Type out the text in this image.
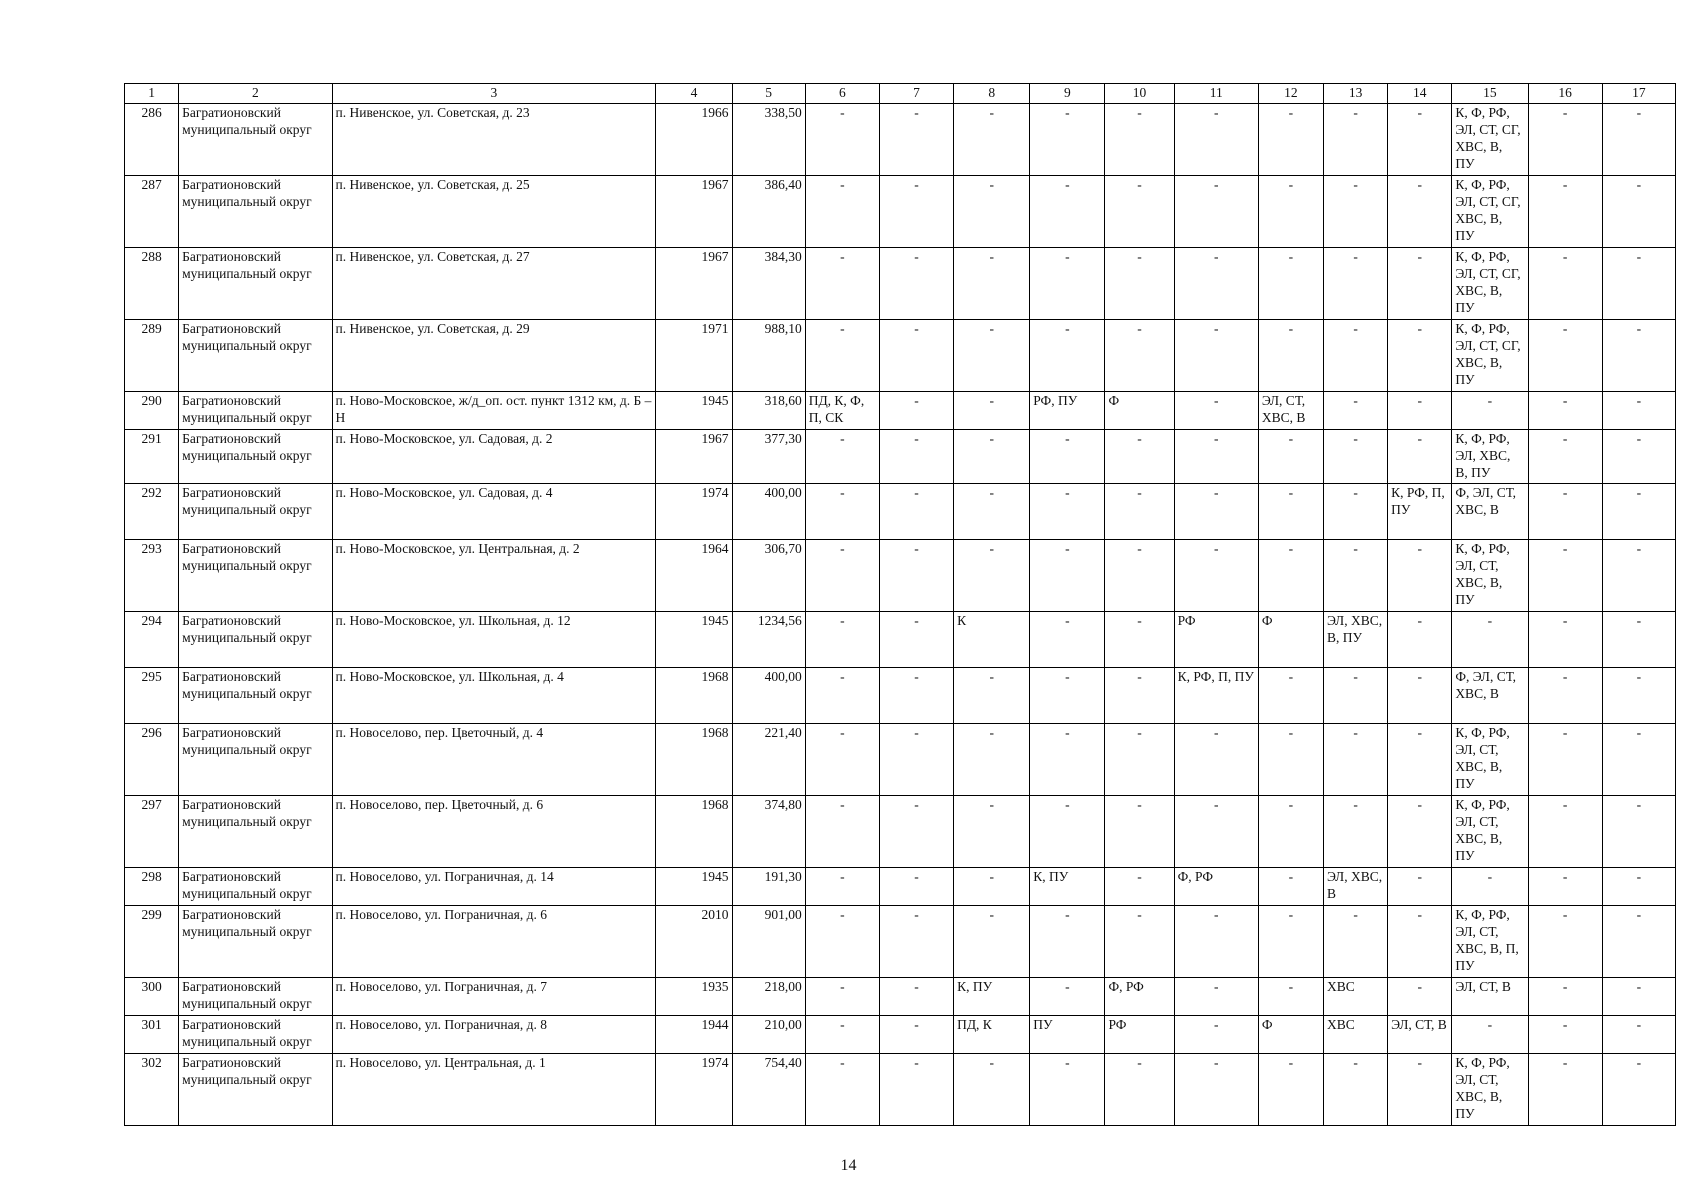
1	2	3	4	5	6	7	8	9	10	11	12	13	14	15	16	17
286	Багратионовский муниципальный округ	п. Нивенское, ул. Советская, д. 23	1966	338,50	-	-	-	-	-	-	-	-	-	К, Ф, РФ, ЭЛ, СТ, СГ, ХВС, В, ПУ	-	-
287	Багратионовский муниципальный округ	п. Нивенское, ул. Советская, д. 25	1967	386,40	-	-	-	-	-	-	-	-	-	К, Ф, РФ, ЭЛ, СТ, СГ, ХВС, В, ПУ	-	-
288	Багратионовский муниципальный округ	п. Нивенское, ул. Советская, д. 27	1967	384,30	-	-	-	-	-	-	-	-	-	К, Ф, РФ, ЭЛ, СТ, СГ, ХВС, В, ПУ	-	-
289	Багратионовский муниципальный округ	п. Нивенское, ул. Советская, д. 29	1971	988,10	-	-	-	-	-	-	-	-	-	К, Ф, РФ, ЭЛ, СТ, СГ, ХВС, В, ПУ	-	-
290	Багратионовский муниципальный округ	п. Ново-Московское, ж/д_оп. ост. пункт 1312 км, д. Б – Н	1945	318,60	ПД, К, Ф, П, СК	-	-	РФ, ПУ	Ф	-	ЭЛ, СТ, ХВС, В	-	-	-	-	-
291	Багратионовский муниципальный округ	п. Ново-Московское, ул. Садовая, д. 2	1967	377,30	-	-	-	-	-	-	-	-	-	К, Ф, РФ, ЭЛ, ХВС, В, ПУ	-	-
292	Багратионовский муниципальный округ	п. Ново-Московское, ул. Садовая, д. 4	1974	400,00	-	-	-	-	-	-	-	-	К, РФ, П, ПУ	Ф, ЭЛ, СТ, ХВС, В	-	-
293	Багратионовский муниципальный округ	п. Ново-Московское, ул. Центральная, д. 2	1964	306,70	-	-	-	-	-	-	-	-	-	К, Ф, РФ, ЭЛ, СТ, ХВС, В, ПУ	-	-
294	Багратионовский муниципальный округ	п. Ново-Московское, ул. Школьная, д. 12	1945	1234,56	-	-	К	-	-	РФ	Ф	ЭЛ, ХВС, В, ПУ	-	-	-	-
295	Багратионовский муниципальный округ	п. Ново-Московское, ул. Школьная, д. 4	1968	400,00	-	-	-	-	-	К, РФ, П, ПУ	-	-	-	Ф, ЭЛ, СТ, ХВС, В	-	-
296	Багратионовский муниципальный округ	п. Новоселово, пер. Цветочный, д. 4	1968	221,40	-	-	-	-	-	-	-	-	-	К, Ф, РФ, ЭЛ, СТ, ХВС, В, ПУ	-	-
297	Багратионовский муниципальный округ	п. Новоселово, пер. Цветочный, д. 6	1968	374,80	-	-	-	-	-	-	-	-	-	К, Ф, РФ, ЭЛ, СТ, ХВС, В, ПУ	-	-
298	Багратионовский муниципальный округ	п. Новоселово, ул. Пограничная, д. 14	1945	191,30	-	-	-	К, ПУ	-	Ф, РФ	-	ЭЛ, ХВС, В	-	-	-	-
299	Багратионовский муниципальный округ	п. Новоселово, ул. Пограничная, д. 6	2010	901,00	-	-	-	-	-	-	-	-	-	К, Ф, РФ, ЭЛ, СТ, ХВС, В, П, ПУ	-	-
300	Багратионовский муниципальный округ	п. Новоселово, ул. Пограничная, д. 7	1935	218,00	-	-	К, ПУ	-	Ф, РФ	-	-	ХВС	-	ЭЛ, СТ, В	-	-
301	Багратионовский муниципальный округ	п. Новоселово, ул. Пограничная, д. 8	1944	210,00	-	-	ПД, К	ПУ	РФ	-	Ф	ХВС	ЭЛ, СТ, В	-	-	-
302	Багратионовский муниципальный округ	п. Новоселово, ул. Центральная, д. 1	1974	754,40	-	-	-	-	-	-	-	-	-	К, Ф, РФ, ЭЛ, СТ, ХВС, В, ПУ	-	-
14
